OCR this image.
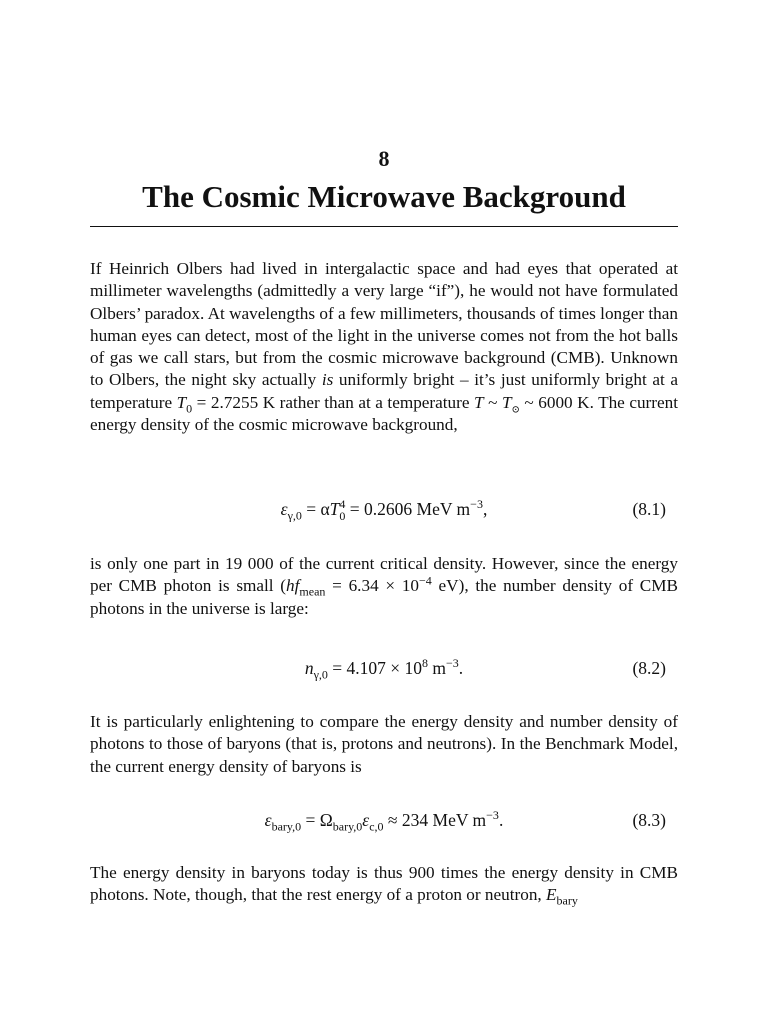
8
The Cosmic Microwave Background

If Heinrich Olbers had lived in intergalactic space and had eyes that operated at millimeter wavelengths (admittedly a very large “if”), he would not have formulated Olbers’ paradox. At wavelengths of a few millimeters, thousands of times longer than human eyes can detect, most of the light in the universe comes not from the hot balls of gas we call stars, but from the cosmic microwave background (CMB). Unknown to Olbers, the night sky actually is uniformly bright – it’s just uniformly bright at a temperature $T_0 = 2.7255$ K rather than at a temperature T ~ $T_⊙$ ~ 6000 K. The current energy density of the cosmic microwave background,

$\varepsilon_{\gamma,0} = \alpha T$ 4
0 = 0.2606 MeV $m^{-3}$,	(8.1)

is only one part in 19 000 of the current critical density. However, since the energy per CMB photon is small ($hf_{mean} = 6.34 \times 10^{-4}$ eV), the number density of CMB photons in the universe is large:

$n_{\gamma,0} = 4.107 \times 10^8$ $m^{-3}$.	(8.2)

It is particularly enlightening to compare the energy density and number density of photons to those of baryons (that is, protons and neutrons). In the Benchmark Model, the current energy density of baryons is

$\varepsilon_{bary,0} = \Omega_{bary,0}\varepsilon_{c,0} \approx 234$ MeV $m^{-3}$.	(8.3)

The energy density in baryons today is thus 900 times the energy density in CMB photons. Note, though, that the rest energy of a proton or neutron, $E_{bary}$
